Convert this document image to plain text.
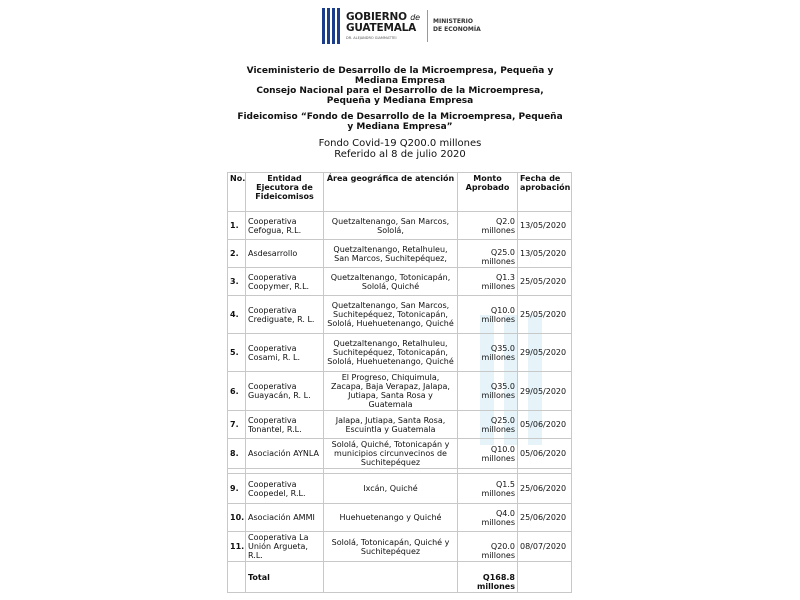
GOBIERNO de
GUATEMALA
DR. ALEJANDRO GIAMMATTEI
MINISTERIO
DE ECONOMÍA
Viceministerio de Desarrollo de la Microempresa, Pequeña y
Mediana Empresa
Consejo Nacional para el Desarrollo de la Microempresa,
Pequeña y Mediana Empresa
Fideicomiso “Fondo de Desarrollo de la Microempresa, Pequeña
y Mediana Empresa”
Fondo Covid-19 Q200.0 millones
Referido al 8 de julio 2020
No.	Entidad Ejecutora de Fideicomisos	Área geográfica de atención	Monto Aprobado	Fecha de aprobación
1.	Cooperativa Cefogua, R.L.	Quetzaltenango, San Marcos, Sololá,	Q2.0 millones	13/05/2020
2.	Asdesarrollo	Quetzaltenango, Retalhuleu, San Marcos, Suchitepéquez,	Q25.0 millones	13/05/2020
3.	Cooperativa Coopymer, R.L.	Quetzaltenango, Totonicapán, Sololá, Quiché	Q1.3 millones	25/05/2020
4.	Cooperativa Crediguate, R. L.	Quetzaltenango, San Marcos, Suchitepéquez, Totonicapán, Sololá, Huehuetenango, Quiché	Q10.0 millones	25/05/2020
5.	Cooperativa Cosami, R. L.	Quetzaltenango, Retalhuleu, Suchitepéquez, Totonicapán, Sololá, Huehuetenango, Quiché	Q35.0 millones	29/05/2020
6.	Cooperativa Guayacán, R. L.	El Progreso, Chiquimula, Zacapa, Baja Verapaz, Jalapa, Jutiapa, Santa Rosa y Guatemala	Q35.0 millones	29/05/2020
7.	Cooperativa Tonantel, R.L.	Jalapa, Jutiapa, Santa Rosa, Escuintla y Guatemala	Q25.0 millones	05/06/2020
8.	Asociación AYNLA	Sololá, Quiché, Totonicapán y municipios circunvecinos de Suchitepéquez	Q10.0 millones	05/06/2020

9.	Cooperativa Coopedel, R.L.	Ixcán, Quiché	Q1.5 millones	25/06/2020
10.	Asociación AMMI	Huehuetenango y Quiché	Q4.0 millones	25/06/2020
11.	Cooperativa La Unión Argueta, R.L.	Sololá, Totonicapán, Quiché y Suchitepéquez	Q20.0 millones	08/07/2020
	Total		Q168.8 millones	
